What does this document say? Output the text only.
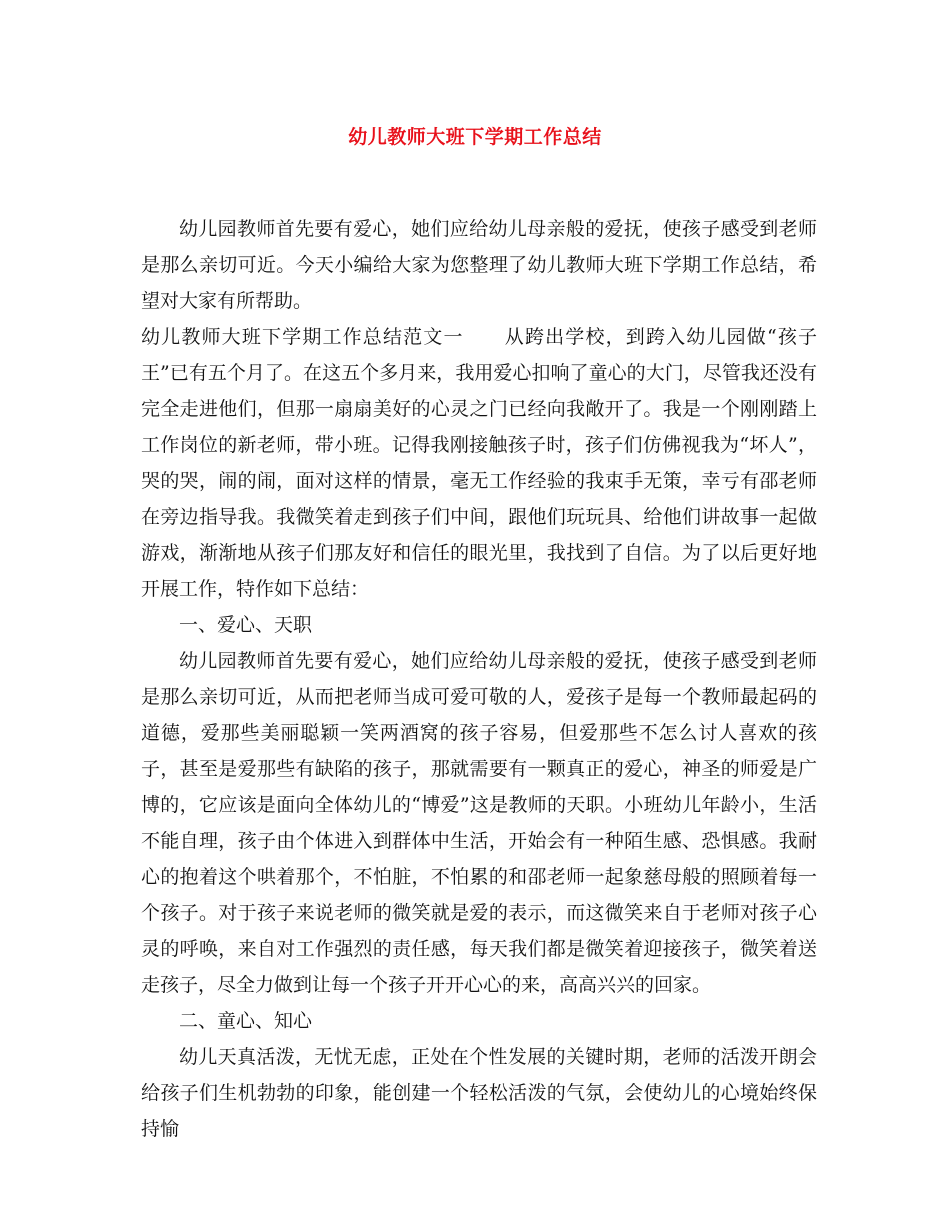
幼儿教师大班下学期工作总结

幼儿园教师首先要有爱心，她们应给幼儿母亲般的爱抚，使孩子感受到老师是那么亲切可近。今天小编给大家为您整理了幼儿教师大班下学期工作总结，希望对大家有所帮助。

幼儿教师大班下学期工作总结范文一 从跨出学校，到跨入幼儿园做“孩子王”已有五个月了。在这五个多月来，我用爱心扣响了童心的大门，尽管我还没有完全走进他们，但那一扇扇美好的心灵之门已经向我敞开了。我是一个刚刚踏上工作岗位的新老师，带小班。记得我刚接触孩子时，孩子们仿佛视我为“坏人”，哭的哭，闹的闹，面对这样的情景，毫无工作经验的我束手无策，幸亏有邵老师在旁边指导我。我微笑着走到孩子们中间，跟他们玩玩具、给他们讲故事一起做游戏，渐渐地从孩子们那友好和信任的眼光里，我找到了自信。为了以后更好地开展工作，特作如下总结：

一、爱心、天职

幼儿园教师首先要有爱心，她们应给幼儿母亲般的爱抚，使孩子感受到老师是那么亲切可近，从而把老师当成可爱可敬的人，爱孩子是每一个教师最起码的道德，爱那些美丽聪颖一笑两酒窝的孩子容易，但爱那些不怎么讨人喜欢的孩子，甚至是爱那些有缺陷的孩子，那就需要有一颗真正的爱心，神圣的师爱是广博的，它应该是面向全体幼儿的“博爱”这是教师的天职。小班幼儿年龄小，生活不能自理，孩子由个体进入到群体中生活，开始会有一种陌生感、恐惧感。我耐心的抱着这个哄着那个，不怕脏，不怕累的和邵老师一起象慈母般的照顾着每一个孩子。对于孩子来说老师的微笑就是爱的表示，而这微笑来自于老师对孩子心灵的呼唤，来自对工作强烈的责任感，每天我们都是微笑着迎接孩子，微笑着送走孩子，尽全力做到让每一个孩子开开心心的来，高高兴兴的回家。

二、童心、知心

幼儿天真活泼，无忧无虑，正处在个性发展的关键时期，老师的活泼开朗会给孩子们生机勃勃的印象，能创建一个轻松活泼的气氛，会使幼儿的心境始终保持愉
